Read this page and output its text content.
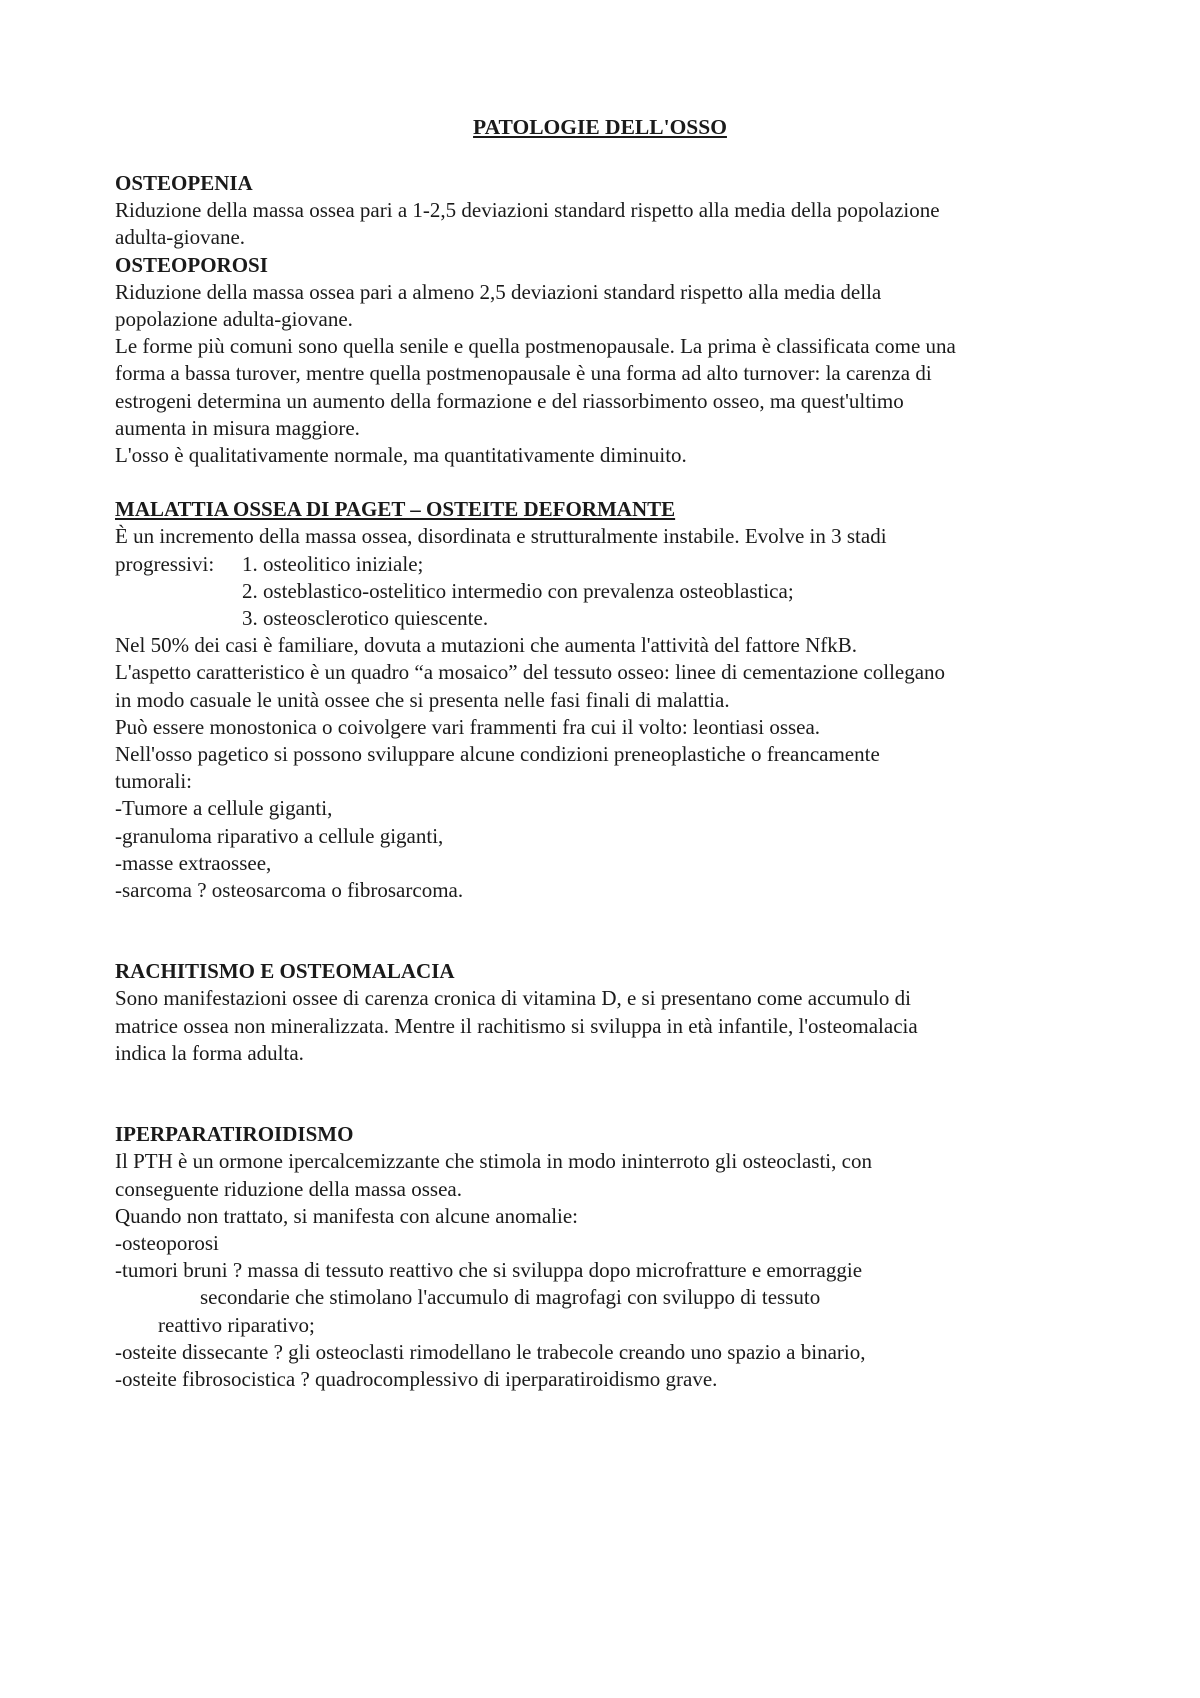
PATOLOGIE DELL'OSSO
OSTEOPENIA
Riduzione della massa ossea pari a 1-2,5 deviazioni standard rispetto alla media della popolazione
adulta-giovane.
OSTEOPOROSI
Riduzione della massa ossea pari a almeno 2,5 deviazioni standard rispetto alla media della
popolazione adulta-giovane.
Le forme più comuni sono quella senile e quella postmenopausale. La prima è classificata come una
forma a bassa turover, mentre quella postmenopausale è una forma ad alto turnover: la carenza di
estrogeni determina un aumento della formazione e del riassorbimento osseo, ma quest'ultimo
aumenta in misura maggiore.
L'osso è qualitativamente normale, ma quantitativamente diminuito.
MALATTIA OSSEA DI PAGET – OSTEITE DEFORMANTE
È un incremento della massa ossea, disordinata e strutturalmente instabile. Evolve in 3 stadi
progressivi:	1. osteolitico iniziale;
2. osteblastico-ostelitico intermedio con prevalenza osteoblastica;
3. osteosclerotico quiescente.
Nel 50% dei casi è familiare, dovuta a mutazioni che aumenta l'attività del fattore NfkB.
L'aspetto caratteristico è un quadro “a mosaico” del tessuto osseo: linee di cementazione collegano
in modo casuale le unità ossee che si presenta nelle fasi finali di malattia.
Può essere monostonica o coivolgere vari frammenti fra cui il volto: leontiasi ossea.
Nell'osso pagetico si possono sviluppare alcune condizioni preneoplastiche o freancamente
tumorali:
-Tumore a cellule giganti,
-granuloma riparativo a cellule giganti,
-masse extraossee,
-sarcoma ? osteosarcoma o fibrosarcoma.
RACHITISMO E OSTEOMALACIA
Sono manifestazioni ossee di carenza cronica di vitamina D, e si presentano come accumulo di
matrice ossea non mineralizzata. Mentre il rachitismo si sviluppa in età infantile, l'osteomalacia
indica la forma adulta.
IPERPARATIROIDISMO
Il PTH è un ormone ipercalcemizzante che stimola in modo ininterroto gli osteoclasti, con
conseguente riduzione della massa ossea.
Quando non trattato, si manifesta con alcune anomalie:
-osteoporosi
-tumori bruni ? massa di tessuto reattivo che si sviluppa dopo microfratture e emorraggie
secondarie che stimolano l'accumulo di magrofagi con sviluppo di tessuto
reattivo riparativo;
-osteite dissecante ? gli osteoclasti rimodellano le trabecole creando uno spazio a binario,
-osteite fibrosocistica ? quadrocomplessivo di iperparatiroidismo grave.
